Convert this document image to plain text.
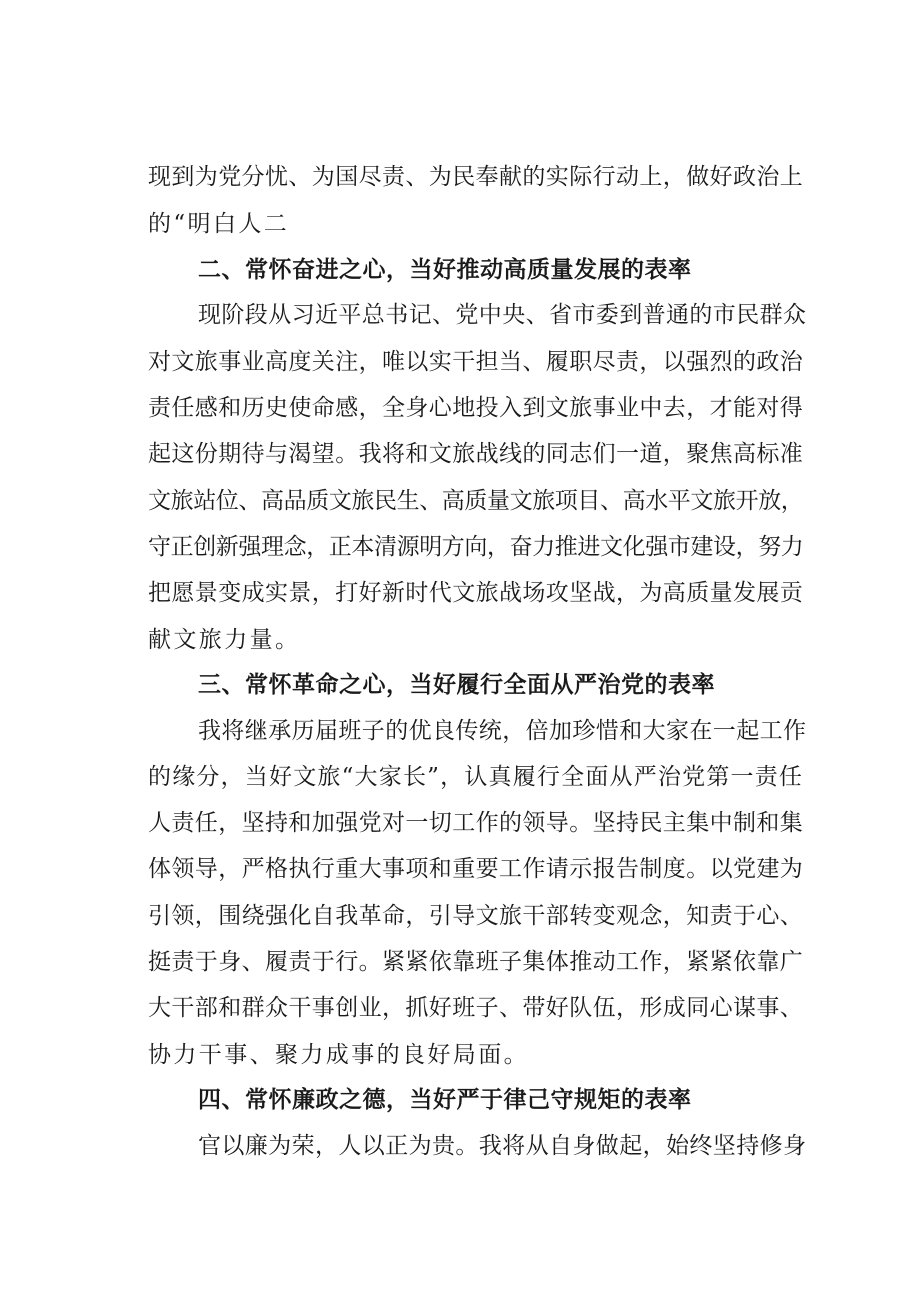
现到为党分忧、为国尽责、为民奉献的实际行动上，做好政治上
的“明白人二
二、常怀奋进之心，当好推动高质量发展的表率
现阶段从习近平总书记、党中央、省市委到普通的市民群众
对文旅事业高度关注，唯以实干担当、履职尽责，以强烈的政治
责任感和历史使命感，全身心地投入到文旅事业中去，才能对得
起这份期待与渴望。我将和文旅战线的同志们一道，聚焦高标准
文旅站位、高品质文旅民生、高质量文旅项目、高水平文旅开放，
守正创新强理念，正本清源明方向，奋力推进文化强市建设，努力
把愿景变成实景，打好新时代文旅战场攻坚战，为高质量发展贡
献文旅力量。
三、常怀革命之心，当好履行全面从严治党的表率
我将继承历届班子的优良传统，倍加珍惜和大家在一起工作
的缘分，当好文旅“大家长”，认真履行全面从严治党第一责任
人责任，坚持和加强党对一切工作的领导。坚持民主集中制和集
体领导，严格执行重大事项和重要工作请示报告制度。以党建为
引领，围绕强化自我革命，引导文旅干部转变观念，知责于心、
挺责于身、履责于行。紧紧依靠班子集体推动工作，紧紧依靠广
大干部和群众干事创业，抓好班子、带好队伍，形成同心谋事、
协力干事、聚力成事的良好局面。
四、常怀廉政之德，当好严于律己守规矩的表率
官以廉为荣，人以正为贵。我将从自身做起，始终坚持修身
